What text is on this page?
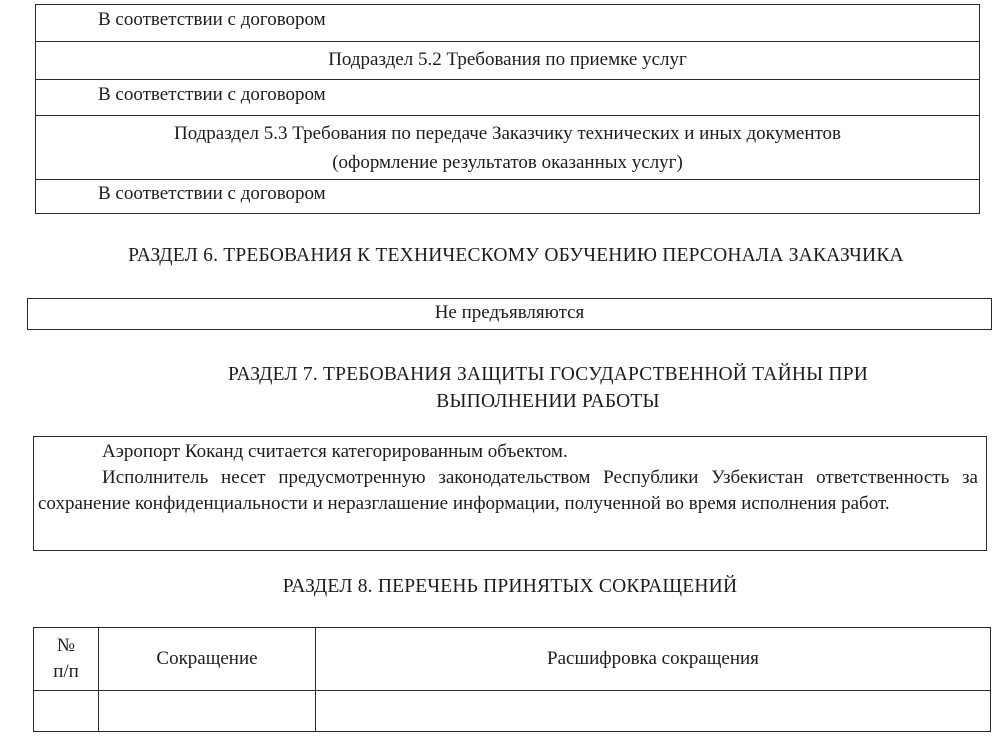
В соответствии с договором
Подраздел 5.2 Требования по приемке услуг
В соответствии с договором
Подраздел 5.3 Требования по передаче Заказчику технических и иных документов
(оформление результатов оказанных услуг)
В соответствии с договором
РАЗДЕЛ 6. ТРЕБОВАНИЯ К ТЕХНИЧЕСКОМУ ОБУЧЕНИЮ ПЕРСОНАЛА ЗАКАЗЧИКА
Не предъявляются
РАЗДЕЛ 7. ТРЕБОВАНИЯ ЗАЩИТЫ ГОСУДАРСТВЕННОЙ ТАЙНЫ ПРИ
ВЫПОЛНЕНИИ РАБОТЫ

Аэропорт Коканд считается категорированным объектом.

Исполнитель несет предусмотренную законодательством Республики Узбекистан ответственность за сохранение конфиденциальности и неразглашение информации, полученной во время исполнения работ.

РАЗДЕЛ 8. ПЕРЕЧЕНЬ ПРИНЯТЫХ СОКРАЩЕНИЙ
№
п/п	Сокращение	Расшифровка сокращения
